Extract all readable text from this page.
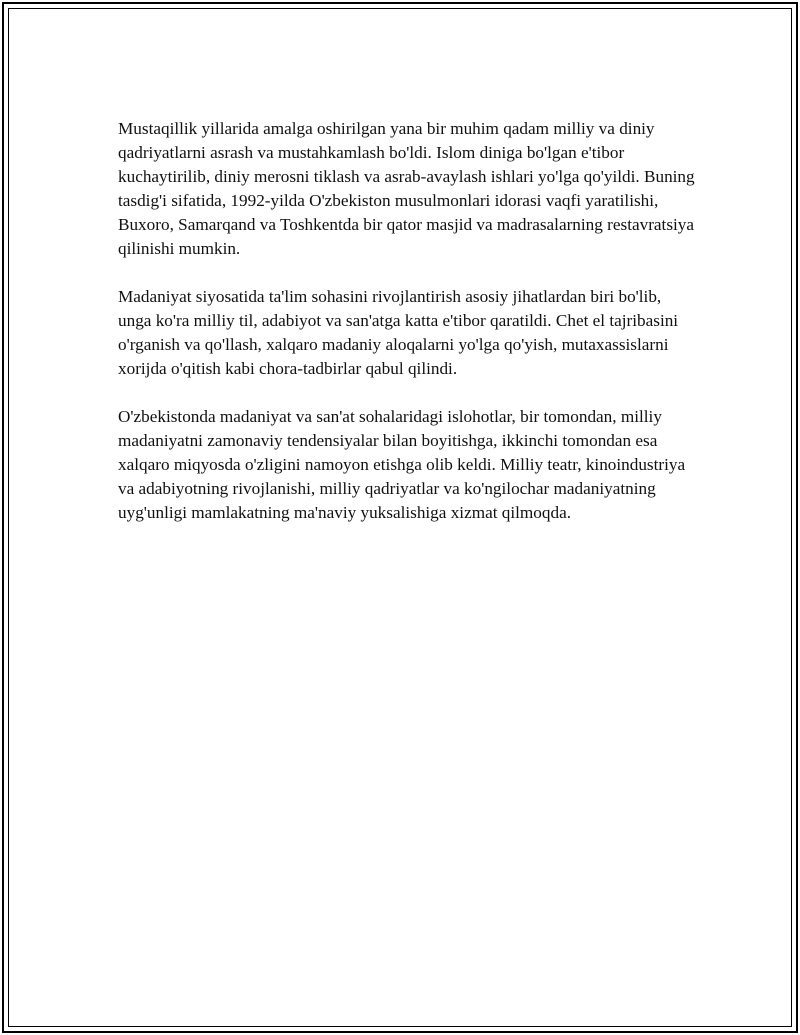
Mustaqillik yillarida amalga oshirilgan yana bir muhim qadam milliy va diniy qadriyatlarni asrash va mustahkamlash bo'ldi. Islom diniga bo'lgan e'tibor kuchaytirilib, diniy merosni tiklash va asrab-avaylash ishlari yo'lga qo'yildi. Buning tasdig'i sifatida, 1992-yilda O'zbekiston musulmonlari idorasi vaqfi yaratilishi, Buxoro, Samarqand va Toshkentda bir qator masjid va madrasalarning restavratsiya qilinishi mumkin.

Madaniyat siyosatida ta'lim sohasini rivojlantirish asosiy jihatlardan biri bo'lib, unga ko'ra milliy til, adabiyot va san'atga katta e'tibor qaratildi. Chet el tajribasini o'rganish va qo'llash, xalqaro madaniy aloqalarni yo'lga qo'yish, mutaxassislarni xorijda o'qitish kabi chora-tadbirlar qabul qilindi.

O'zbekistonda madaniyat va san'at sohalaridagi islohotlar, bir tomondan, milliy madaniyatni zamonaviy tendensiyalar bilan boyitishga, ikkinchi tomondan esa xalqaro miqyosda o'zligini namoyon etishga olib keldi. Milliy teatr, kinoindustriya va adabiyotning rivojlanishi, milliy qadriyatlar va ko'ngilochar madaniyatning uyg'unligi mamlakatning ma'naviy yuksalishiga xizmat qilmoqda.
